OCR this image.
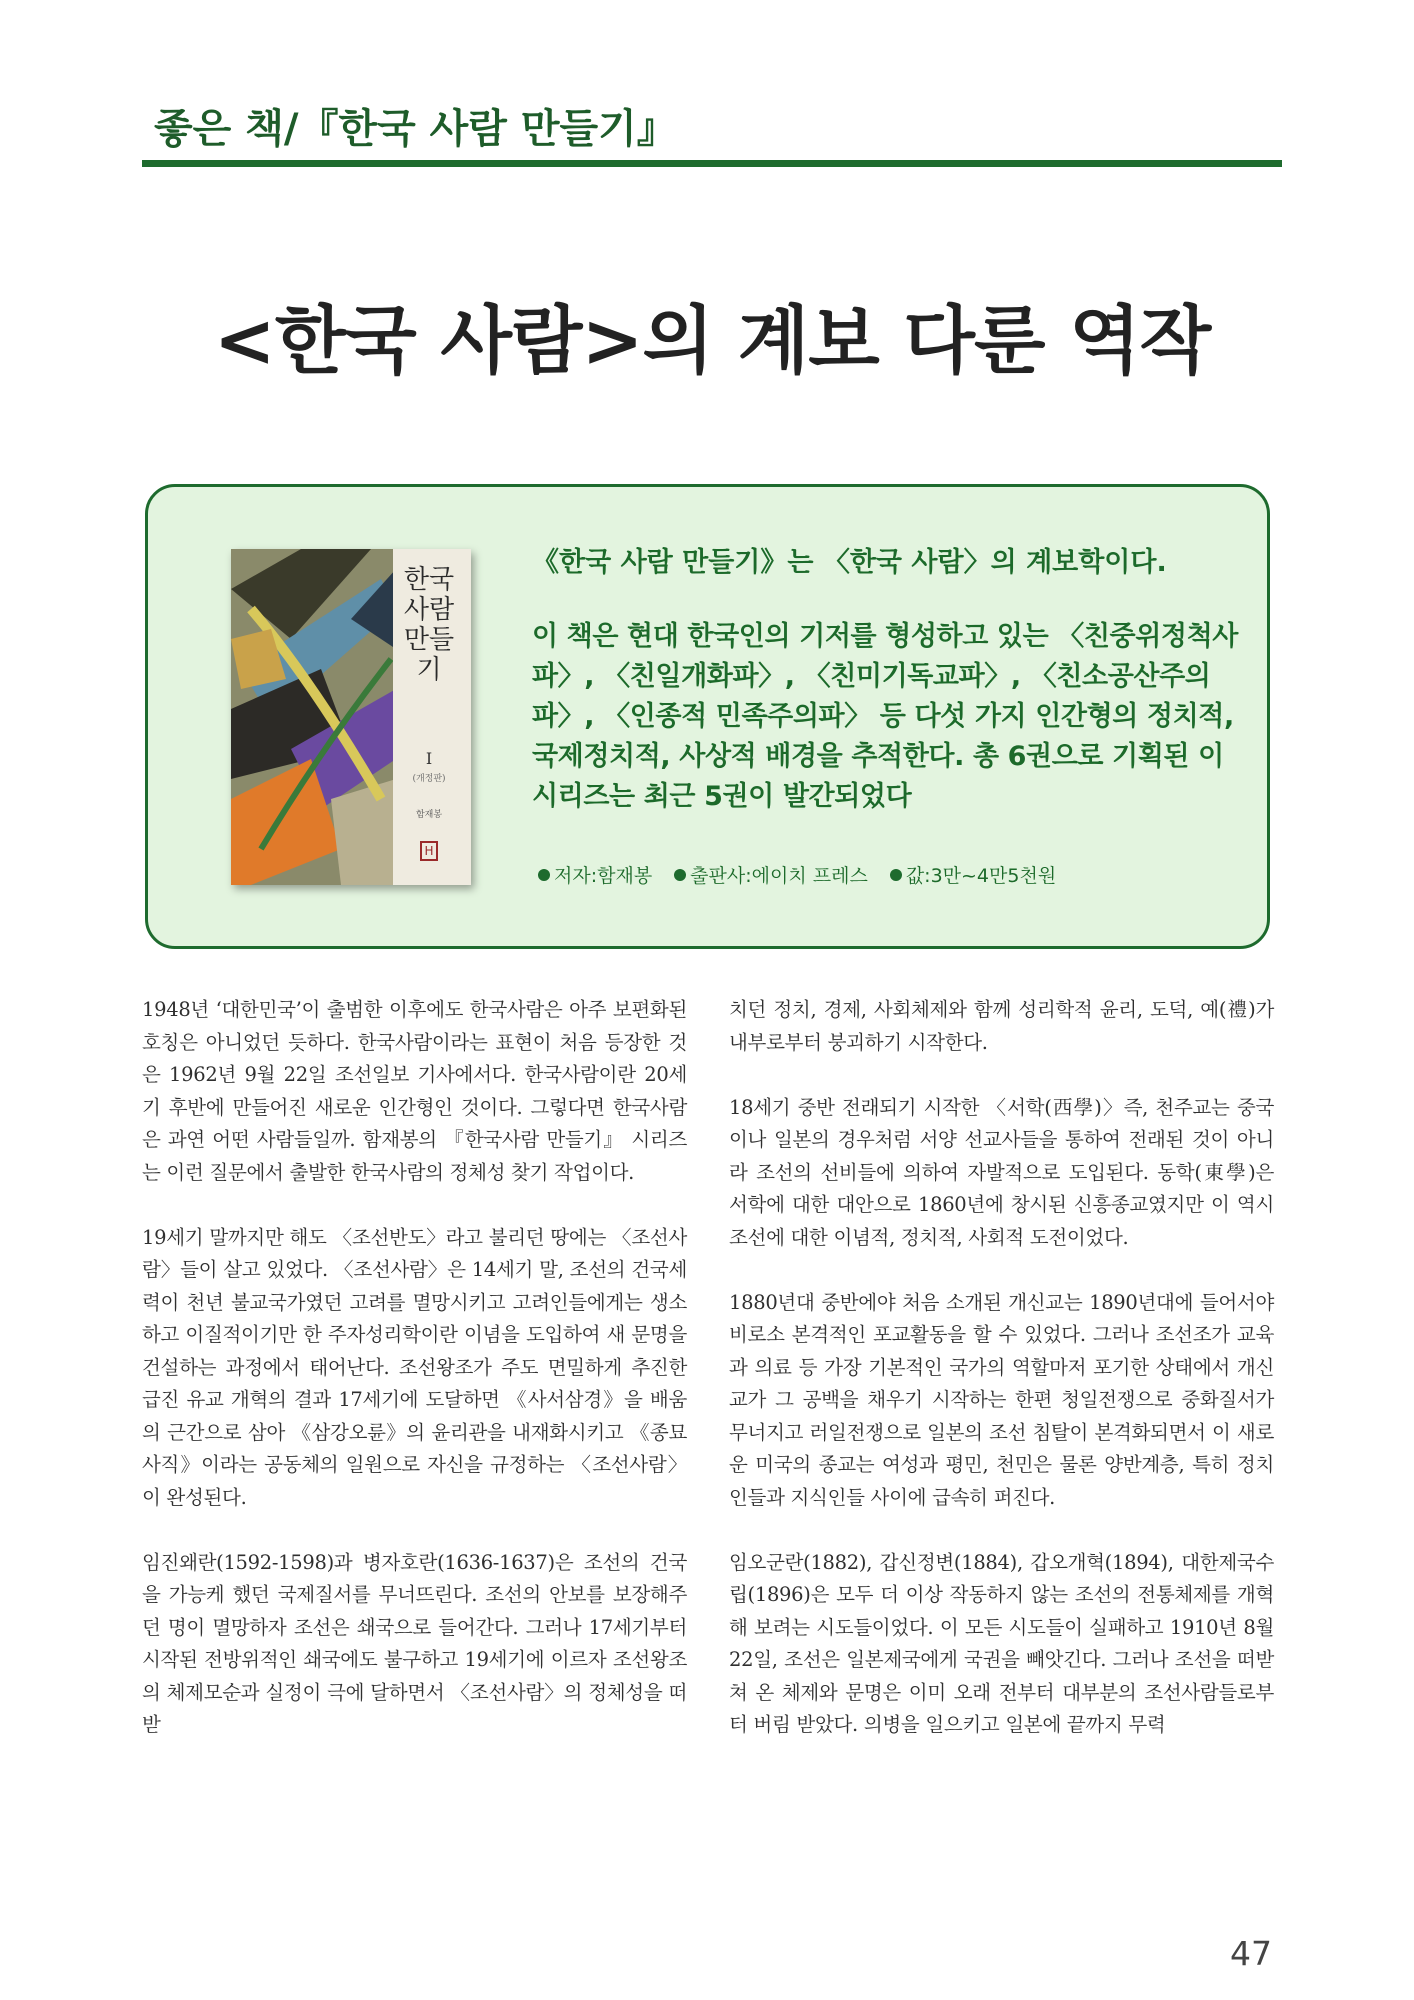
좋은 책/『한국 사람 만들기』
<한국 사람>의 계보 다룬 역작
한국 사람 만들기
I
(개정판)
함재봉
H

《한국 사람 만들기》는 〈한국 사람〉의 계보학이다.

이 책은 현대 한국인의 기저를 형성하고 있는 〈친중위정척사파〉, 〈친일개화파〉, 〈친미기독교파〉, 〈친소공산주의파〉, 〈인종적 민족주의파〉 등 다섯 가지 인간형의 정치적, 국제정치적, 사상적 배경을 추적한다. 총 6권으로 기획된 이 시리즈는 최근 5권이 발간되었다

저자:함재봉 출판사:에이치 프레스 값:3만~4만5천원

1948년 ‘대한민국’이 출범한 이후에도 한국사람은 아주 보편화된 호칭은 아니었던 듯하다. 한국사람이라는 표현이 처음 등장한 것은 1962년 9월 22일 조선일보 기사에서다. 한국사람이란 20세기 후반에 만들어진 새로운 인간형인 것이다. 그렇다면 한국사람은 과연 어떤 사람들일까. 함재봉의 『한국사람 만들기』 시리즈는 이런 질문에서 출발한 한국사람의 정체성 찾기 작업이다.

19세기 말까지만 해도 〈조선반도〉라고 불리던 땅에는 〈조선사람〉들이 살고 있었다. 〈조선사람〉은 14세기 말, 조선의 건국세력이 천년 불교국가였던 고려를 멸망시키고 고려인들에게는 생소하고 이질적이기만 한 주자성리학이란 이념을 도입하여 새 문명을 건설하는 과정에서 태어난다. 조선왕조가 주도 면밀하게 추진한 급진 유교 개혁의 결과 17세기에 도달하면 《사서삼경》을 배움의 근간으로 삼아 《삼강오륜》의 윤리관을 내재화시키고 《종묘사직》이라는 공동체의 일원으로 자신을 규정하는 〈조선사람〉이 완성된다.

임진왜란(1592-1598)과 병자호란(1636-1637)은 조선의 건국을 가능케 했던 국제질서를 무너뜨린다. 조선의 안보를 보장해주던 명이 멸망하자 조선은 쇄국으로 들어간다. 그러나 17세기부터 시작된 전방위적인 쇄국에도 불구하고 19세기에 이르자 조선왕조의 체제모순과 실정이 극에 달하면서 〈조선사람〉의 정체성을 떠받

치던 정치, 경제, 사회체제와 함께 성리학적 윤리, 도덕, 예(禮)가 내부로부터 붕괴하기 시작한다.

18세기 중반 전래되기 시작한 〈서학(西學)〉즉, 천주교는 중국이나 일본의 경우처럼 서양 선교사들을 통하여 전래된 것이 아니라 조선의 선비들에 의하여 자발적으로 도입된다. 동학(東學)은 서학에 대한 대안으로 1860년에 창시된 신흥종교였지만 이 역시 조선에 대한 이념적, 정치적, 사회적 도전이었다.

1880년대 중반에야 처음 소개된 개신교는 1890년대에 들어서야 비로소 본격적인 포교활동을 할 수 있었다. 그러나 조선조가 교육과 의료 등 가장 기본적인 국가의 역할마저 포기한 상태에서 개신교가 그 공백을 채우기 시작하는 한편 청일전쟁으로 중화질서가 무너지고 러일전쟁으로 일본의 조선 침탈이 본격화되면서 이 새로운 미국의 종교는 여성과 평민, 천민은 물론 양반계층, 특히 정치인들과 지식인들 사이에 급속히 퍼진다.

임오군란(1882), 갑신정변(1884), 갑오개혁(1894), 대한제국수립(1896)은 모두 더 이상 작동하지 않는 조선의 전통체제를 개혁해 보려는 시도들이었다. 이 모든 시도들이 실패하고 1910년 8월 22일, 조선은 일본제국에게 국권을 빼앗긴다. 그러나 조선을 떠받쳐 온 체제와 문명은 이미 오래 전부터 대부분의 조선사람들로부터 버림 받았다. 의병을 일으키고 일본에 끝까지 무력

47
